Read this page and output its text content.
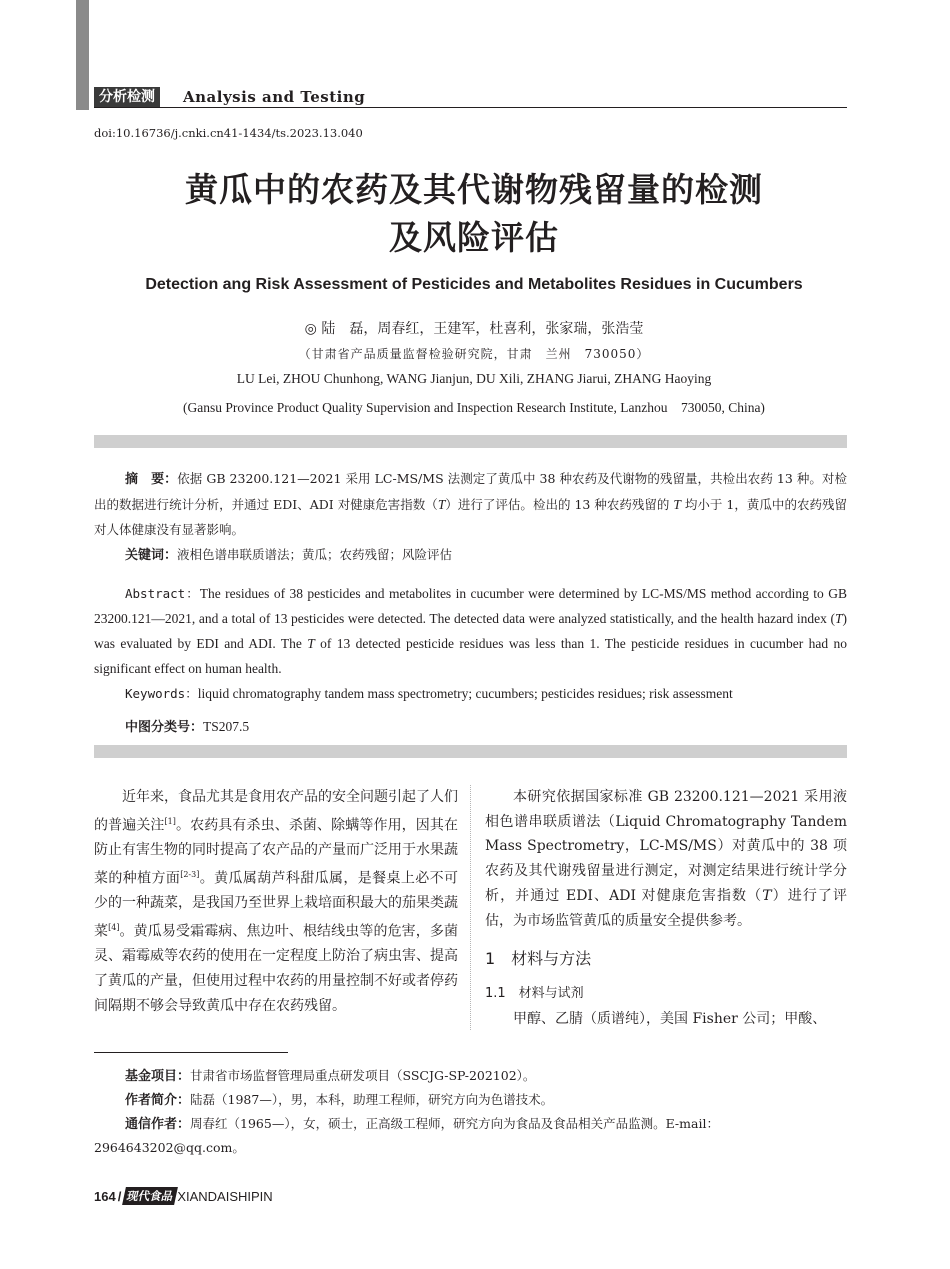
分析检测	Analysis and Testing
doi:10.16736/j.cnki.cn41-1434/ts.2023.13.040
黄瓜中的农药及其代谢物残留量的检测
及风险评估
Detection ang Risk Assessment of Pesticides and Metabolites Residues in Cucumbers
◎ 陆　磊，周春红，王建军，杜喜利，张家瑞，张浩莹
（甘肃省产品质量监督检验研究院，甘肃　兰州　730050）
LU Lei, ZHOU Chunhong, WANG Jianjun, DU Xili, ZHANG Jiarui, ZHANG Haoying
(Gansu Province Product Quality Supervision and Inspection Research Institute, Lanzhou　730050, China)

摘　要：依据 GB 23200.121—2021 采用 LC-MS/MS 法测定了黄瓜中 38 种农药及代谢物的残留量，共检出农药 13 种。对检出的数据进行统计分析，并通过 EDI、ADI 对健康危害指数（T）进行了评估。检出的 13 种农药残留的 T 均小于 1，黄瓜中的农药残留对人体健康没有显著影响。

关键词：液相色谱串联质谱法；黄瓜；农药残留；风险评估

Abstract：The residues of 38 pesticides and metabolites in cucumber were determined by LC-MS/MS method according to GB 23200.121—2021, and a total of 13 pesticides were detected. The detected data were analyzed statistically, and the health hazard index (T) was evaluated by EDI and ADI. The T of 13 detected pesticide residues was less than 1. The pesticide residues in cucumber had no significant effect on human health.

Keywords：liquid chromatography tandem mass spectrometry; cucumbers; pesticides residues; risk assessment

中图分类号：TS207.5

近年来，食品尤其是食用农产品的安全问题引起了人们的普遍关注[1]。农药具有杀虫、杀菌、除螨等作用，因其在防止有害生物的同时提高了农产品的产量而广泛用于水果蔬菜的种植方面[2-3]。黄瓜属葫芦科甜瓜属，是餐桌上必不可少的一种蔬菜，是我国乃至世界上栽培面积最大的茄果类蔬菜[4]。黄瓜易受霜霉病、焦边叶、根结线虫等的危害，多菌灵、霜霉威等农药的使用在一定程度上防治了病虫害、提高了黄瓜的产量，但使用过程中农药的用量控制不好或者停药间隔期不够会导致黄瓜中存在农药残留。

本研究依据国家标准 GB 23200.121—2021 采用液相色谱串联质谱法（Liquid Chromatography Tandem Mass Spectrometry，LC-MS/MS）对黄瓜中的 38 项农药及其代谢残留量进行测定，对测定结果进行统计学分析，并通过 EDI、ADI 对健康危害指数（T）进行了评估，为市场监管黄瓜的质量安全提供参考。

1　材料与方法

1.1　材料与试剂

甲醇、乙腈（质谱纯），美国 Fisher 公司；甲酸、

基金项目：甘肃省市场监督管理局重点研发项目（SSCJG-SP-202102）。

作者简介：陆磊（1987—），男，本科，助理工程师，研究方向为色谱技术。

通信作者：周春红（1965—），女，硕士，正高级工程师，研究方向为食品及食品相关产品监测。E-mail：2964643202@qq.com。

164 / 现代食品 XIANDAISHIPIN
